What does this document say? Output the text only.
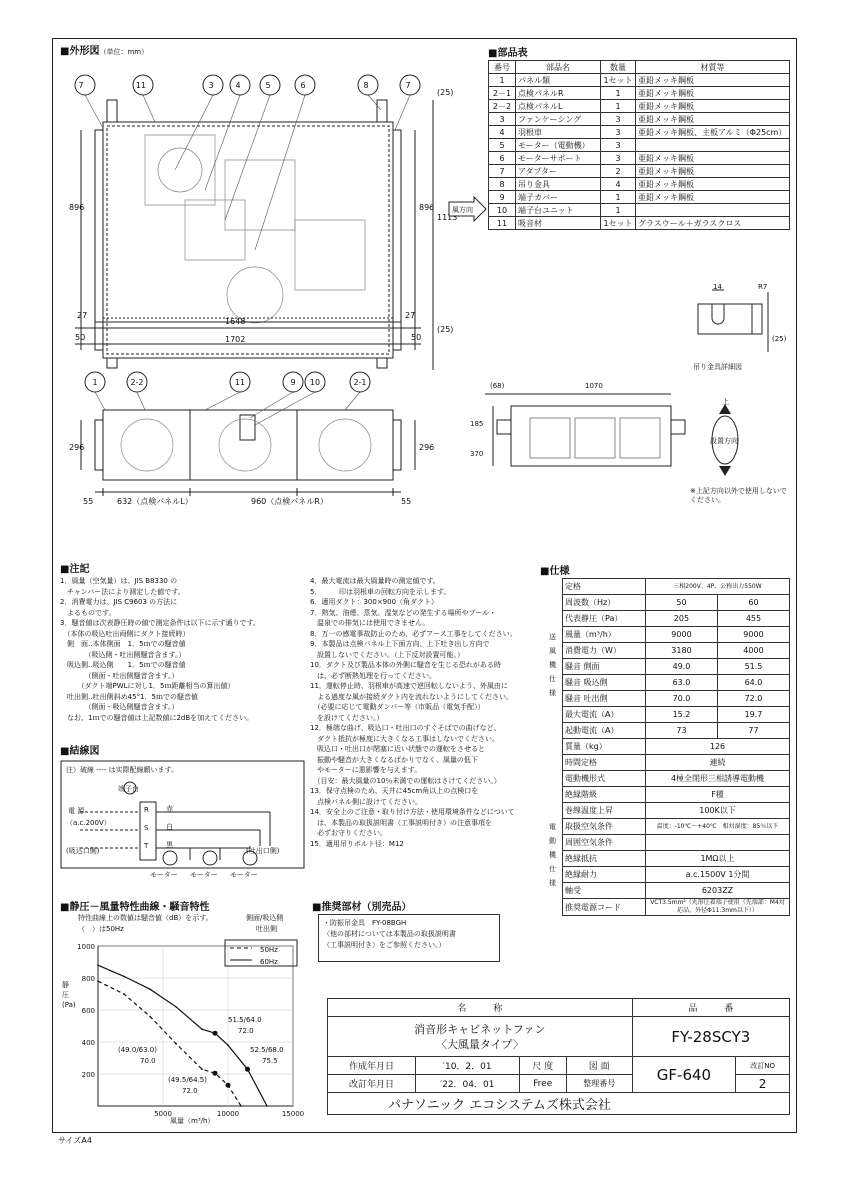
■外形図（単位：mm）
7	11	3	4	5	6	8	7
1	2-2	11	9 10	2-1
896	896
1113
(25)
(25)
27	27
1648
50	50
1702
296	296
55	55
632（点検パネルL）	960（点検パネルR）
風方向
■部品表
番号	部品名	数量	材質等
1	パネル類	1セット	亜鉛メッキ鋼板
2－1	点検パネルR	1	亜鉛メッキ鋼板
2－2	点検パネルL	1	亜鉛メッキ鋼板
3	ファンケーシング	3	亜鉛メッキ鋼板
4	羽根車	3	亜鉛メッキ鋼板、主板アルミ（Φ25cm）
5	モーター（電動機）	3	
6	モーターサポート	3	亜鉛メッキ鋼板
7	アダプター	2	亜鉛メッキ鋼板
8	吊り金具	4	亜鉛メッキ鋼板
9	端子カバー	1	亜鉛メッキ鋼板
10	端子台ユニット	1	
11	吸音材	1セット	グラスウール＋ガラスクロス
14	R7
(25)
吊り金具詳細図
(68)	1070
185
370
上
設置方向
※上記方向以外で使用しないでください。
■注記
1．風量（空気量）は、JIS B8330 の
　チャンバー法により測定した値です。
2．消費電力は、JIS C9603 の方法に
　よるものです。
3．騒音値は次表静圧時の値で測定条件は以下に示す通りです。
　（本体の吸込吐出両側にダクト接続時）
　側　面‥本体側面　1．5ｍでの騒音値
　　　　（吸込側・吐出側騒音含ます。）
　吸込側‥吸込側　　1．5ｍでの騒音値
　　　　（側面・吐出側騒音含ます。）
　　　（ダクト端PWLに対し1．5ｍ距離相当の算出値）
　吐出側‥吐出側斜め45°1．5ｍでの騒音値
　　　　（側面・吸込側騒音含ます。）
　なお、1ｍでの騒音値は上記数値に2dBを加えてください。
4．最大電流は最大風量時の測定値です。
5．　　　印は羽根車の回転方向を示します。
6．適用ダクト：300×900（角ダクト）
7．熱気、油煙、蒸気、湿気などの発生する場所やプール・
　温泉での排気には使用できません。
8．万一の感電事故防止のため、必ずアース工事をしてください。
9．本製品は点検パネル上下面方向、上下吐き出し方向で
　設置しないでください。（上下反対設置可能。）
10．ダクト及び製品本体の外側に騒音を生じる恐れがある時
　は、必ず断熱処理を行ってください。
11．運転停止時、羽根車が高速で逆回転しないよう、外風由に
　よる過度な風が接続ダクト内を流れないようにしてください。
　（必要に応じて電動ダンパー等（市販品（電気手配））
　を設けてください。）
12．極端な曲げ、吸込口・吐出口のすぐそばでの曲げなど、
　ダクト抵抗が極度に大きくなる工事はしないでください。
　吸込口・吐出口が閉塞に近い状態での運転をさせると
　振動や騒音が大きくなるばかりでなく、風量の低下
　やモーターに悪影響を与えます。
　（目安：最大風量の10％未満での運転はさけてください。）
13．保守点検のため、天井に45cm角以上の点検口を
　点検パネル側に設けてください。
14．安全上のご注意・取り付け方法・使用環境条件などについて
　は、本製品の取扱説明書（工事説明付き）の注意事項を
　必ずお守りください。
15．適用吊りボルト径：M12
■結線図
注）破線 ---- は实際配線願います。
端子台
電 源
（a.c.200V）
R
S
T
赤
白
黒
(吸込口側)	(吐出口側)
モーター モーター モーター
■静圧－風量特性曲線・騒音特性
特性曲線上の数値は騒音値（dB）を示す。
（　）は50Hz
側面/吸込側
吐出側
静圧 (Pa)
風量（m³/h）
200
400
600
800
1000
5000	10000	15000
50Hz
60Hz
51.5/64.0
72.0
(49.0/63.0)
70.0
52.5/68.0
75.5
(49.5/64.5)
72.0
■推奨部材（別売品）
・防振吊金具　FY-08BGH
（他の部材については本製品の取扱説明書
（工事説明付き）をご参照ください。）
■仕様
送風機仕様
電動機仕様
	定格	三相200V、4P、公称出力550W	
	周波数（Hz）	50	60
	代表静圧（Pa）	205	455
	風量（m³/h）	9000	9000
	消費電力（W）	3180	4000
	騒音 側面	49.0	51.5
	騒音 吸込側	63.0	64.0
	騒音 吐出側	70.0	72.0
	最大電流（A）	15.2	19.7
	起動電流（A）	73	77
	質量（kg）	126	
	時間定格	連続	
	電動機形式	4極全閉形三相誘導電動機	
	絶縁階級	F種	
	巻線温度上昇	100K以下	
	取扱空気条件	温度：-10℃～+40℃　相対湿度：85％以下	
	周囲空気条件		
	絶縁抵抗	1MΩ以上	
	絶縁耐力	a.c.1500V 1分間	
	軸受	6203ZZ	
	推奨電源コード	VCT3.5mm²（丸形圧着端子使用（先端部：M4対応品、外径Φ11.3mm以下））	
名　　　称				品　　　番	

消音形キャビネットファン
〈大風量タイプ〉				FY-28SCY3	
作成年月日	′10．2．01	尺 度	図 面	GF-640	改訂NO
改訂年月日	′22．04．01	Free	整理番号		2
パナソニック エコシステムズ株式会社					
サイズA4
